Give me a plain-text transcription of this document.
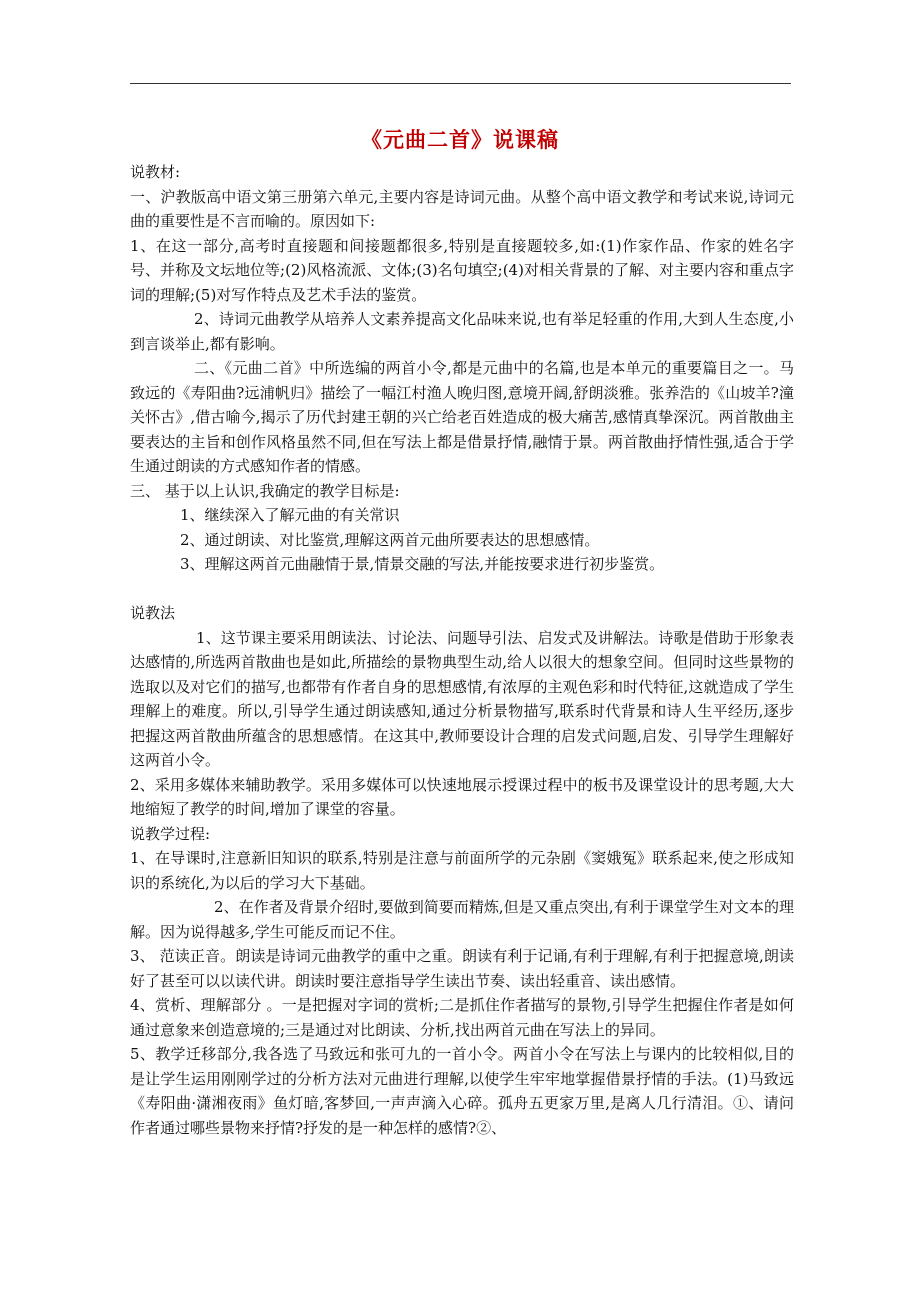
《元曲二首》说课稿

说教材:

一、沪教版高中语文第三册第六单元,主要内容是诗词元曲。从整个高中语文教学和考试来说,诗词元曲的重要性是不言而喻的。原因如下:

1、在这一部分,高考时直接题和间接题都很多,特别是直接题较多,如:(1)作家作品、作家的姓名字号、并称及文坛地位等;(2)风格流派、文体;(3)名句填空;(4)对相关背景的了解、对主要内容和重点字词的理解;(5)对写作特点及艺术手法的鉴赏。

2、诗词元曲教学从培养人文素养提高文化品味来说,也有举足轻重的作用,大到人生态度,小到言谈举止,都有影响。

二、《元曲二首》中所选编的两首小令,都是元曲中的名篇,也是本单元的重要篇目之一。马致远的《寿阳曲?远浦帆归》描绘了一幅江村渔人晚归图,意境开阔,舒朗淡雅。张养浩的《山坡羊?潼关怀古》,借古喻今,揭示了历代封建王朝的兴亡给老百姓造成的极大痛苦,感情真挚深沉。两首散曲主要表达的主旨和创作风格虽然不同,但在写法上都是借景抒情,融情于景。两首散曲抒情性强,适合于学生通过朗读的方式感知作者的情感。

三、 基于以上认识,我确定的教学目标是:

1、继续深入了解元曲的有关常识

2、通过朗读、对比鉴赏,理解这两首元曲所要表达的思想感情。

3、理解这两首元曲融情于景,情景交融的写法,并能按要求进行初步鉴赏。

说教法

1、这节课主要采用朗读法、讨论法、问题导引法、启发式及讲解法。诗歌是借助于形象表达感情的,所选两首散曲也是如此,所描绘的景物典型生动,给人以很大的想象空间。但同时这些景物的选取以及对它们的描写,也都带有作者自身的思想感情,有浓厚的主观色彩和时代特征,这就造成了学生理解上的难度。所以,引导学生通过朗读感知,通过分析景物描写,联系时代背景和诗人生平经历,逐步把握这两首散曲所蕴含的思想感情。在这其中,教师要设计合理的启发式问题,启发、引导学生理解好这两首小令。

2、采用多媒体来辅助教学。采用多媒体可以快速地展示授课过程中的板书及课堂设计的思考题,大大地缩短了教学的时间,增加了课堂的容量。

说教学过程:

1、在导课时,注意新旧知识的联系,特别是注意与前面所学的元杂剧《窦娥冤》联系起来,使之形成知识的系统化,为以后的学习大下基础。

2、在作者及背景介绍时,要做到简要而精炼,但是又重点突出,有利于课堂学生对文本的理解。因为说得越多,学生可能反而记不住。

3、 范读正音。朗读是诗词元曲教学的重中之重。朗读有利于记诵,有利于理解,有利于把握意境,朗读好了甚至可以以读代讲。朗读时要注意指导学生读出节奏、读出轻重音、读出感情。

4、赏析、理解部分 。一是把握对字词的赏析;二是抓住作者描写的景物,引导学生把握住作者是如何通过意象来创造意境的;三是通过对比朗读、分析,找出两首元曲在写法上的异同。

5、教学迁移部分,我各选了马致远和张可九的一首小令。两首小令在写法上与课内的比较相似,目的是让学生运用刚刚学过的分析方法对元曲进行理解,以使学生牢牢地掌握借景抒情的手法。(1)马致远《寿阳曲·潇湘夜雨》鱼灯暗,客梦回,一声声滴入心碎。孤舟五更家万里,是离人几行清泪。①、请问作者通过哪些景物来抒情?抒发的是一种怎样的感情?②、
